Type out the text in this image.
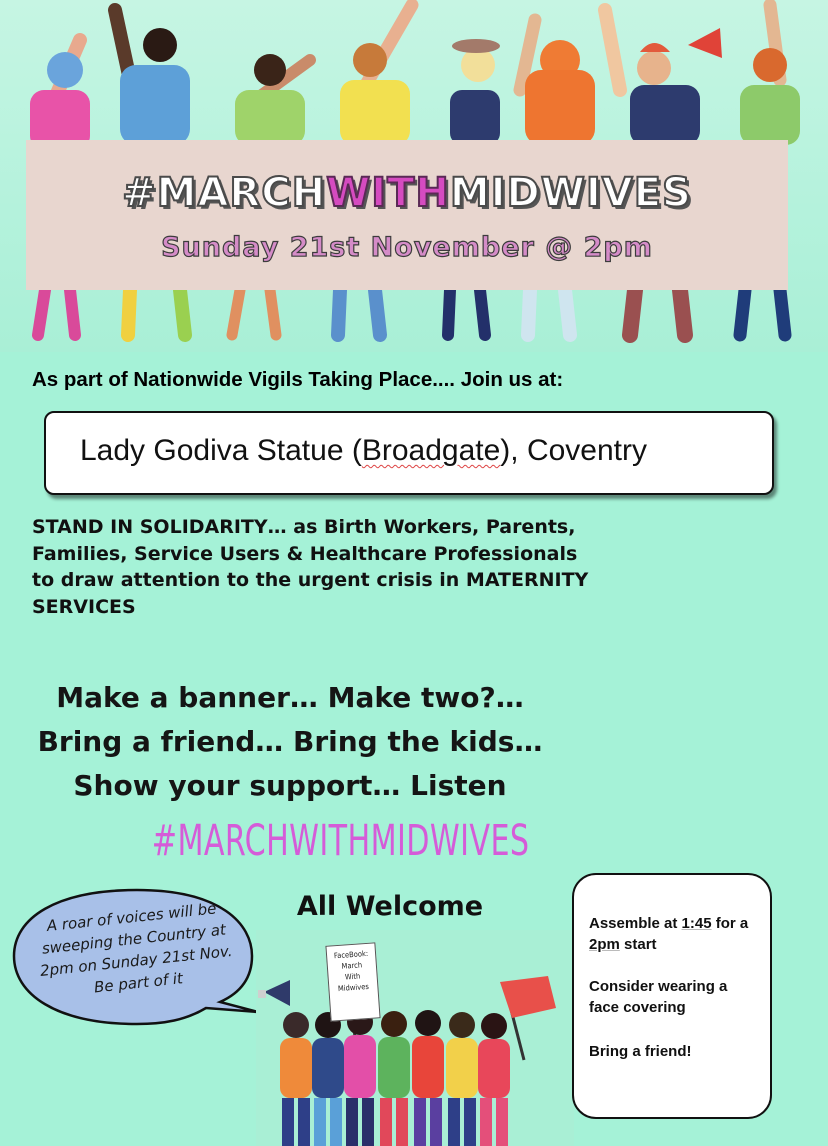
#MARCHWITHMIDWIVES
Sunday 21st November @ 2pm
As part of Nationwide Vigils Taking Place.... Join us at:
Lady Godiva Statue (Broadgate), Coventry
STAND IN SOLIDARITY… as Birth Workers, Parents, Families, Service Users & Healthcare Professionals to draw attention to the urgent crisis in MATERNITY SERVICES
Make a banner… Make two?…
Bring a friend… Bring the kids…
Show your support… Listen
#MARCHWITHMIDWIVES
All Welcome
A roar of voices will be sweeping the Country at 2pm on Sunday 21st Nov. Be part of it
FaceBook:
March
With
Midwives
Assemble at 1:45 for a 2pm start
Consider wearing a face covering
Bring a friend!
